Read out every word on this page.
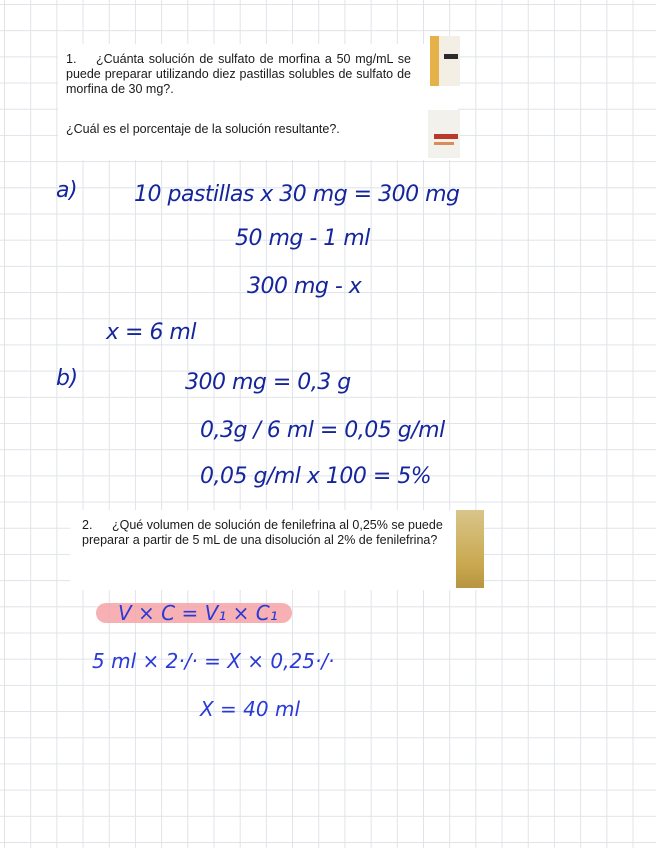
1. ¿Cuánta solución de sulfato de morfina a 50 mg/mL se puede preparar utilizando diez pastillas solubles de sulfato de morfina de 30 mg?.
¿Cuál es el porcentaje de la solución resultante?.
a)	10 pastillas x 30 mg = 300 mg
50 mg - 1 ml
300 mg - x
x = 6 ml
b)	300 mg = 0,3 g
0,3g / 6 ml = 0,05 g/ml
0,05 g/ml x 100 = 5%
2. ¿Qué volumen de solución de fenilefrina al 0,25% se puede preparar a partir de 5 mL de una disolución al 2% de fenilefrina?
V × C = V₁ × C₁
5 ml × 2·/· = X × 0,25·/·
X = 40 ml
